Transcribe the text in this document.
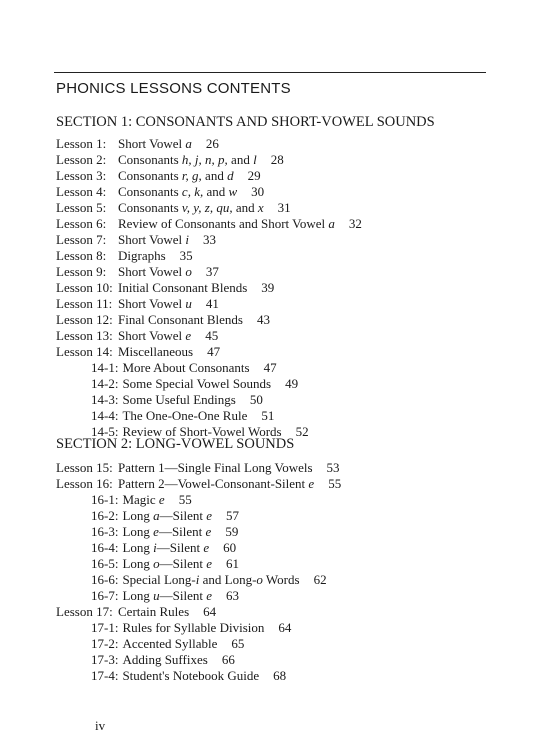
PHONICS LESSONS CONTENTS
SECTION 1: CONSONANTS AND SHORT-VOWEL SOUNDS
Lesson 1: Short Vowel a 26
Lesson 2: Consonants h, j, n, p, and l 28
Lesson 3: Consonants r, g, and d 29
Lesson 4: Consonants c, k, and w 30
Lesson 5: Consonants v, y, z, qu, and x 31
Lesson 6: Review of Consonants and Short Vowel a 32
Lesson 7: Short Vowel i 33
Lesson 8: Digraphs 35
Lesson 9: Short Vowel o 37
Lesson 10: Initial Consonant Blends 39
Lesson 11: Short Vowel u 41
Lesson 12: Final Consonant Blends 43
Lesson 13: Short Vowel e 45
Lesson 14: Miscellaneous 47
14-1: More About Consonants 47
14-2: Some Special Vowel Sounds 49
14-3: Some Useful Endings 50
14-4: The One-One-One Rule 51
14-5: Review of Short-Vowel Words 52
SECTION 2: LONG-VOWEL SOUNDS
Lesson 15: Pattern 1—Single Final Long Vowels 53
Lesson 16: Pattern 2—Vowel-Consonant-Silent e 55
16-1: Magic e 55
16-2: Long a—Silent e 57
16-3: Long e—Silent e 59
16-4: Long i—Silent e 60
16-5: Long o—Silent e 61
16-6: Special Long-i and Long-o Words 62
16-7: Long u—Silent e 63
Lesson 17: Certain Rules 64
17-1: Rules for Syllable Division 64
17-2: Accented Syllable 65
17-3: Adding Suffixes 66
17-4: Student's Notebook Guide 68
iv
